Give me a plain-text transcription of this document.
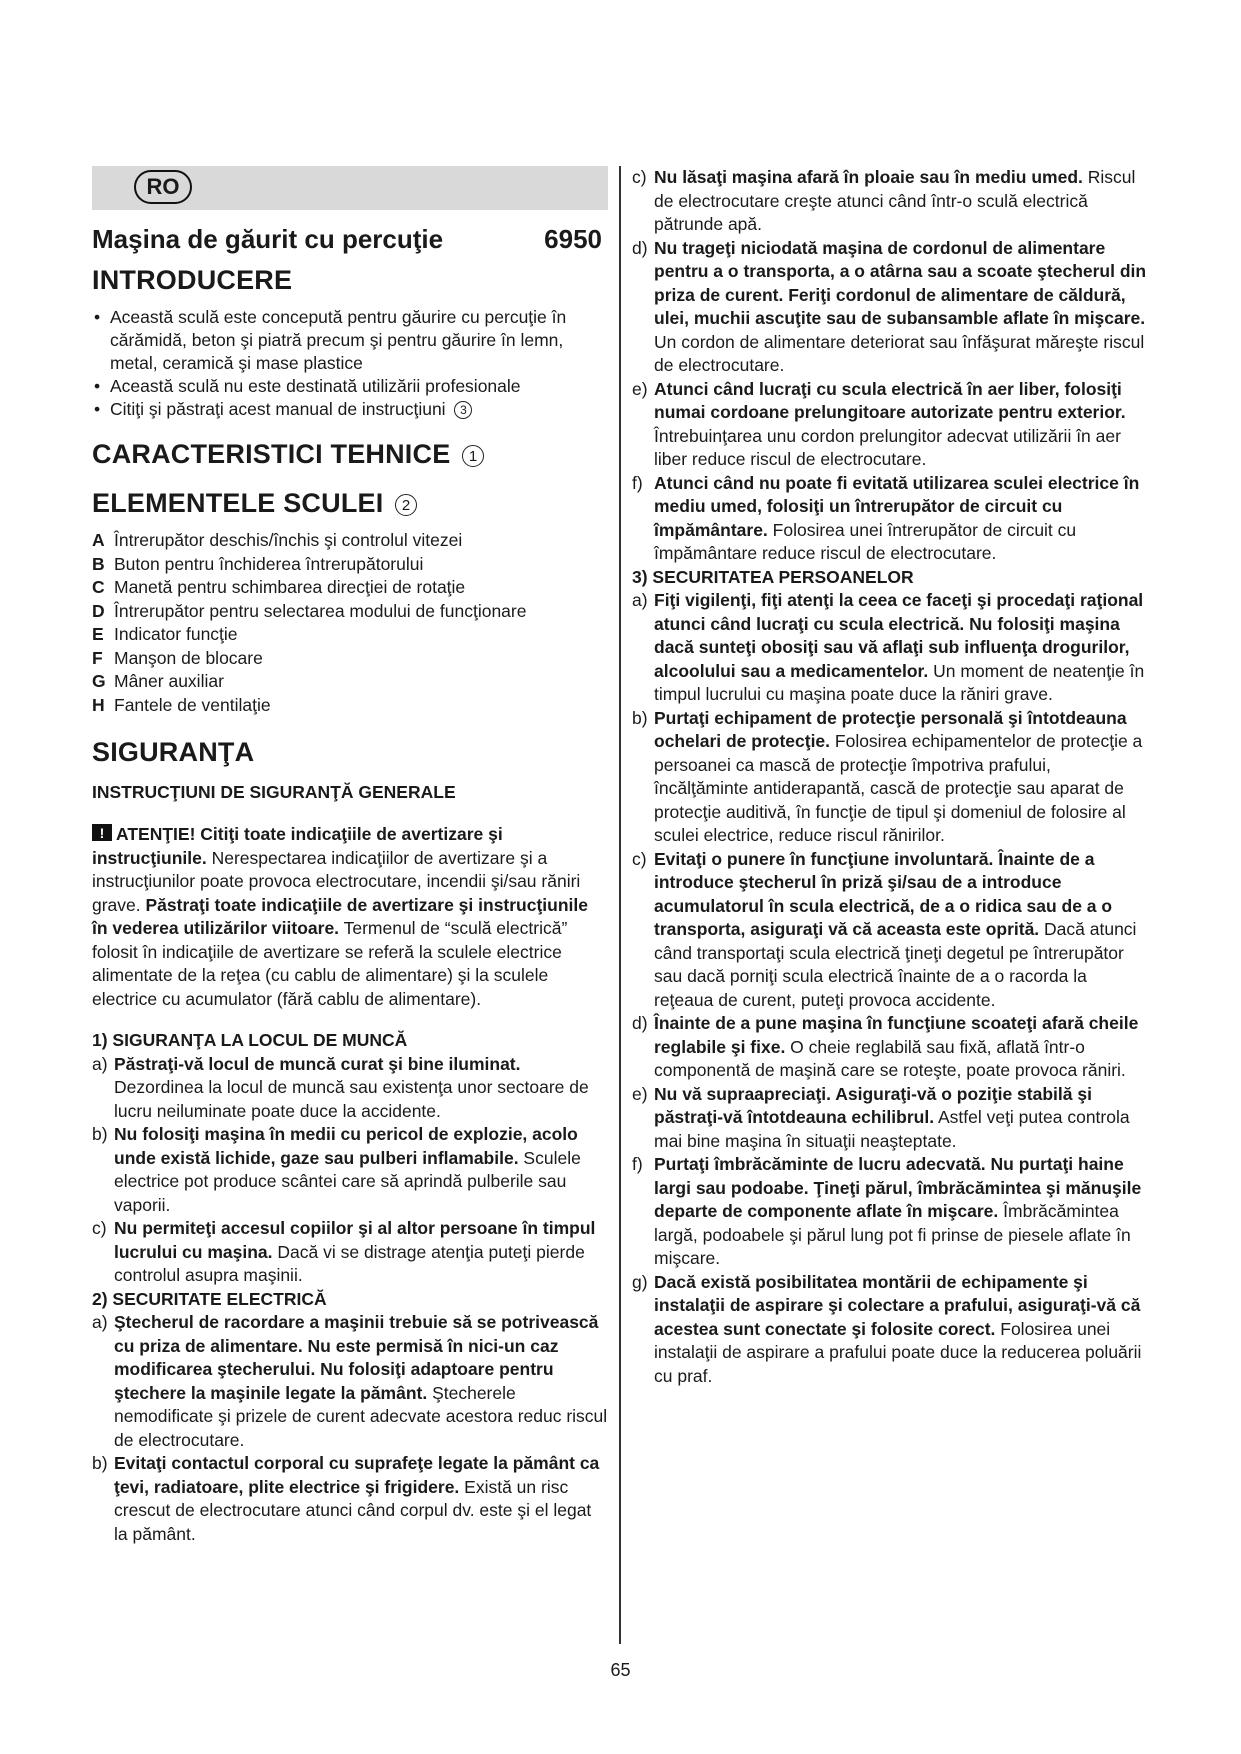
RO
Maşina de găurit cu percuţie	6950
INTRODUCERE
• Această sculă este concepută pentru găurire cu percuţie în cărămidă, beton şi piatră precum şi pentru găurire în lemn, metal, ceramică şi mase plastice
• Această sculă nu este destinată utilizării profesionale
• Citiţi şi păstraţi acest manual de instrucţiuni 3
CARACTERISTICI TEHNICE 1
ELEMENTELE SCULEI 2
A Întrerupător deschis/închis şi controlul vitezei
B Buton pentru închiderea întrerupătorului
C Manetă pentru schimbarea direcţiei de rotaţie
D Întrerupător pentru selectarea modului de funcţionare
E Indicator funcţie
F Manşon de blocare
G Mâner auxiliar
H Fantele de ventilaţie
SIGURANŢA
INSTRUCŢIUNI DE SIGURANŢĂ GENERALE

!ATENŢIE! Citiţi toate indicaţiile de avertizare şi instrucţiunile. Nerespectarea indicaţiilor de avertizare şi a instrucţiunilor poate provoca electrocutare, incendii şi/sau răniri grave. Păstraţi toate indicaţiile de avertizare şi instrucţiunile în vederea utilizărilor viitoare. Termenul de “sculă electrică” folosit în indicaţiile de avertizare se referă la sculele electrice alimentate de la reţea (cu cablu de alimentare) şi la sculele electrice cu acumulator (fără cablu de alimentare).

1) SIGURANŢA LA LOCUL DE MUNCĂ
a) Păstraţi-vă locul de muncă curat şi bine iluminat. Dezordinea la locul de muncă sau existenţa unor sectoare de lucru neiluminate poate duce la accidente.
b) Nu folosiţi maşina în medii cu pericol de explozie, acolo unde există lichide, gaze sau pulberi inflamabile. Sculele electrice pot produce scântei care să aprindă pulberile sau vaporii.
c) Nu permiteţi accesul copiilor şi al altor persoane în timpul lucrului cu maşina. Dacă vi se distrage atenţia puteţi pierde controlul asupra maşinii.
2) SECURITATE ELECTRICĂ
a) Ştecherul de racordare a maşinii trebuie să se potrivească cu priza de alimentare. Nu este permisă în nici-un caz modificarea ştecherului. Nu folosiţi adaptoare pentru ştechere la maşinile legate la pământ. Ştecherele nemodificate şi prizele de curent adecvate acestora reduc riscul de electrocutare.
b) Evitaţi contactul corporal cu suprafeţe legate la pământ ca ţevi, radiatoare, plite electrice şi frigidere. Există un risc crescut de electrocutare atunci când corpul dv. este şi el legat la pământ.
c) Nu lăsaţi maşina afară în ploaie sau în mediu umed. Riscul de electrocutare creşte atunci când într-o sculă electrică pătrunde apă.
d) Nu trageţi niciodată maşina de cordonul de alimentare pentru a o transporta, a o atârna sau a scoate ştecherul din priza de curent. Feriţi cordonul de alimentare de căldură, ulei, muchii ascuţite sau de subansamble aflate în mişcare. Un cordon de alimentare deteriorat sau înfăşurat măreşte riscul de electrocutare.
e) Atunci când lucraţi cu scula electrică în aer liber, folosiţi numai cordoane prelungitoare autorizate pentru exterior. Întrebuinţarea unu cordon prelungitor adecvat utilizării în aer liber reduce riscul de electrocutare.
f) Atunci când nu poate fi evitată utilizarea sculei electrice în mediu umed, folosiţi un întrerupător de circuit cu împământare. Folosirea unei întrerupător de circuit cu împământare reduce riscul de electrocutare.
3) SECURITATEA PERSOANELOR
a) Fiţi vigilenţi, fiţi atenţi la ceea ce faceţi şi procedaţi raţional atunci când lucraţi cu scula electrică. Nu folosiţi maşina dacă sunteţi obosiţi sau vă aflaţi sub influenţa drogurilor, alcoolului sau a medicamentelor. Un moment de neatenţie în timpul lucrului cu maşina poate duce la răniri grave.
b) Purtaţi echipament de protecţie personală şi întotdeauna ochelari de protecţie. Folosirea echipamentelor de protecţie a persoanei ca mască de protecţie împotriva prafului, încălţăminte antiderapantă, cască de protecţie sau aparat de protecţie auditivă, în funcţie de tipul şi domeniul de folosire al sculei electrice, reduce riscul rănirilor.
c) Evitaţi o punere în funcţiune involuntară. Înainte de a introduce ştecherul în priză şi/sau de a introduce acumulatorul în scula electrică, de a o ridica sau de a o transporta, asiguraţi vă că aceasta este oprită. Dacă atunci când transportaţi scula electrică ţineţi degetul pe întrerupător sau dacă porniţi scula electrică înainte de a o racorda la reţeaua de curent, puteţi provoca accidente.
d) Înainte de a pune maşina în funcţiune scoateţi afară cheile reglabile şi fixe. O cheie reglabilă sau fixă, aflată într-o componentă de maşină care se roteşte, poate provoca răniri.
e) Nu vă supraapreciaţi. Asiguraţi-vă o poziţie stabilă şi păstraţi-vă întotdeauna echilibrul. Astfel veţi putea controla mai bine maşina în situaţii neaşteptate.
f) Purtaţi îmbrăcăminte de lucru adecvată. Nu purtaţi haine largi sau podoabe. Ţineţi părul, îmbrăcămintea şi mănuşile departe de componente aflate în mişcare. Îmbrăcămintea largă, podoabele şi părul lung pot fi prinse de piesele aflate în mişcare.
g) Dacă există posibilitatea montării de echipamente şi instalaţii de aspirare şi colectare a prafului, asiguraţi-vă că acestea sunt conectate şi folosite corect. Folosirea unei instalaţii de aspirare a prafului poate duce la reducerea poluării cu praf.
65
